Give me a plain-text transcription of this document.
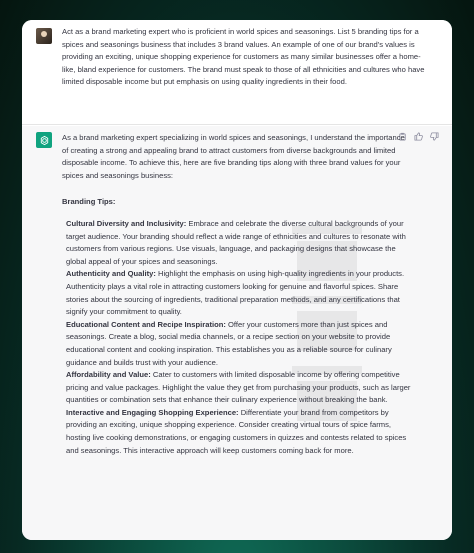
Act as a brand marketing expert who is proficient in world spices and seasonings. List 5 branding tips for a spices and seasonings business that includes 3 brand values. An example of one of our brand's values is providing an exciting, unique shopping experience for customers as many similar businesses offer a home-like, bland experience for customers. The brand must speak to those of all ethnicities and cultures who have limited disposable income but put emphasis on using quality ingredients in their food.

As a brand marketing expert specializing in world spices and seasonings, I understand the importance of creating a strong and appealing brand to attract customers from diverse backgrounds and limited disposable income. To achieve this, here are five branding tips along with three brand values for your spices and seasonings business:

Branding Tips:

Cultural Diversity and Inclusivity: Embrace and celebrate the diverse cultural backgrounds of your target audience. Your branding should reflect a wide range of ethnicities and cultures to resonate with customers from various regions. Use visuals, language, and packaging designs that showcase the global appeal of your spices and seasonings.
Authenticity and Quality: Highlight the emphasis on using high-quality ingredients in your products. Authenticity plays a vital role in attracting customers looking for genuine and flavorful spices. Share stories about the sourcing of ingredients, traditional preparation methods, and any certifications that signify your commitment to quality.
Educational Content and Recipe Inspiration: Offer your customers more than just spices and seasonings. Create a blog, social media channels, or a recipe section on your website to provide educational content and cooking inspiration. This establishes you as a reliable source for culinary guidance and builds trust with your audience.
Affordability and Value: Cater to customers with limited disposable income by offering competitive pricing and value packages. Highlight the value they get from purchasing your products, such as larger quantities or combination sets that enhance their culinary experience without breaking the bank.
Interactive and Engaging Shopping Experience: Differentiate your brand from competitors by providing an exciting, unique shopping experience. Consider creating virtual tours of spice farms, hosting live cooking demonstrations, or engaging customers in quizzes and contests related to spices and seasonings. This interactive approach will keep customers coming back for more.
